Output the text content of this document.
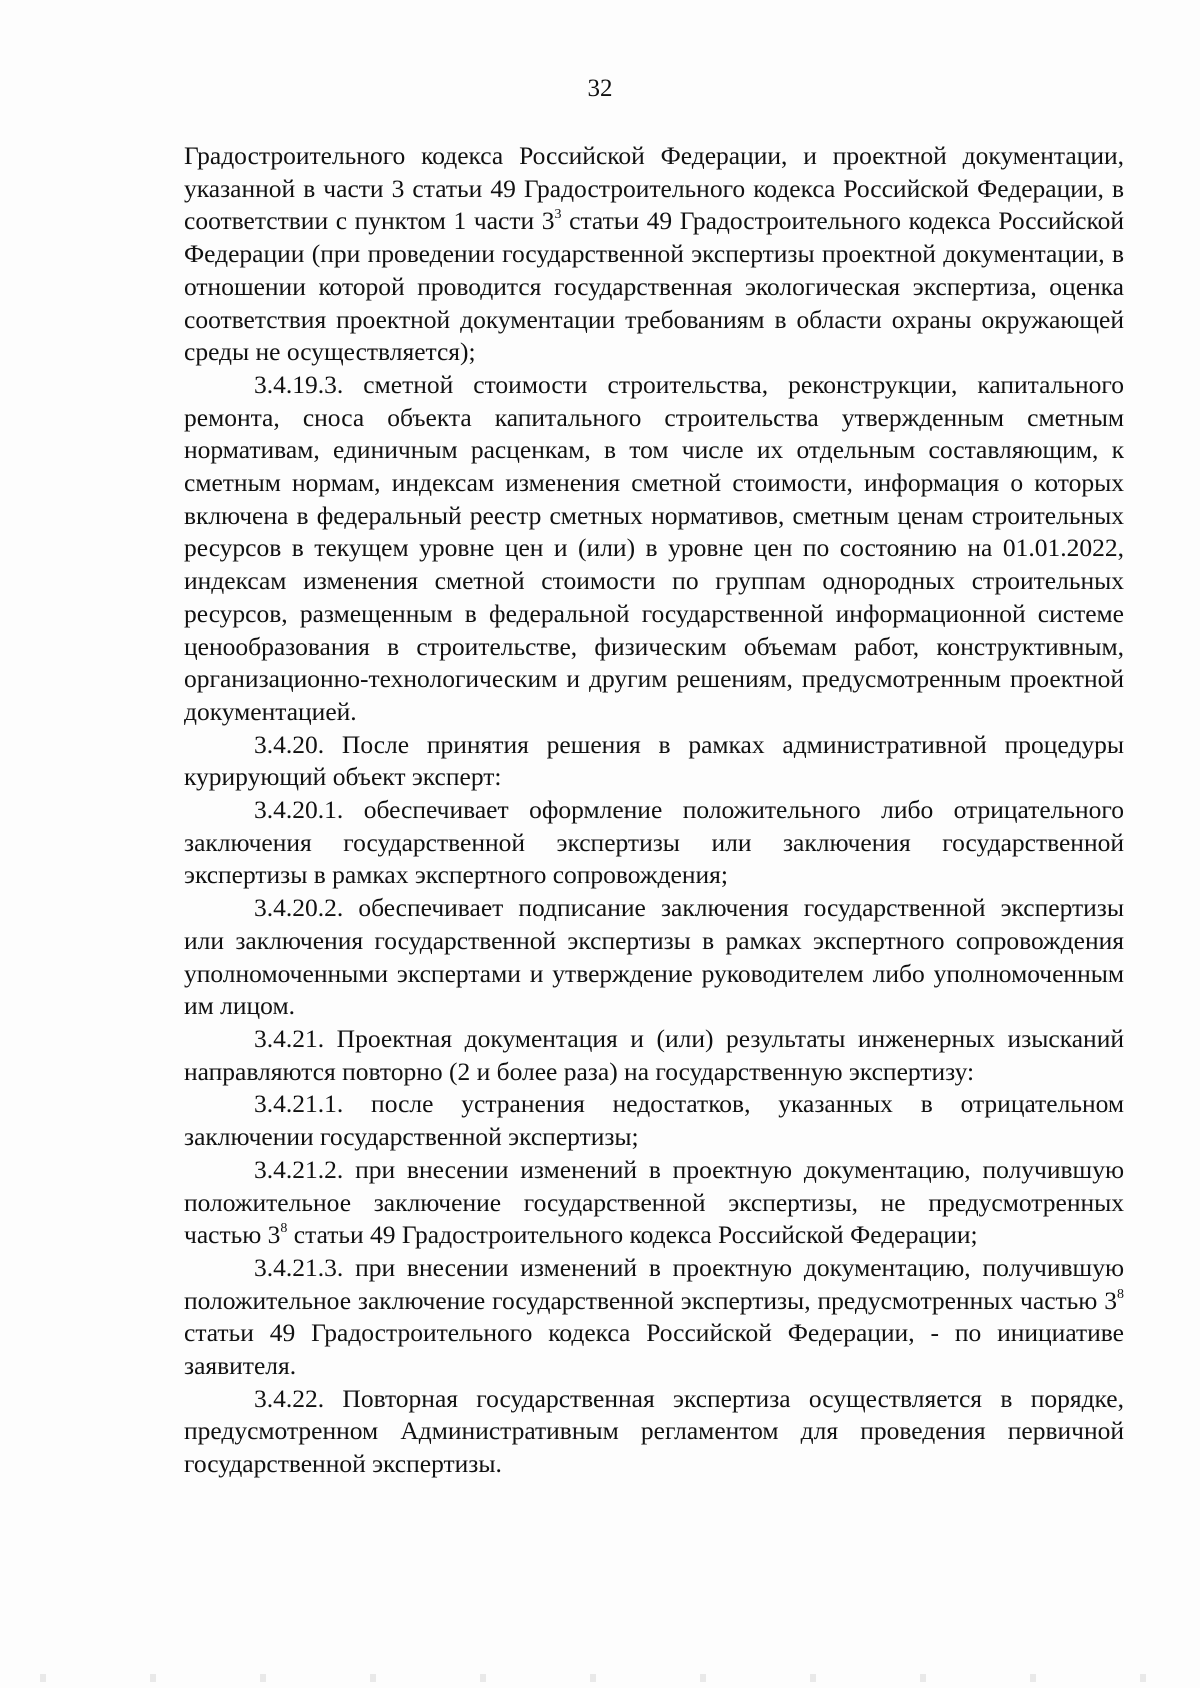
32

Градостроительного кодекса Российской Федерации, и проектной документации, указанной в части 3 статьи 49 Градостроительного кодекса Российской Федерации, в соответствии с пунктом 1 части $3^3$ статьи 49 Градостроительного кодекса Российской Федерации (при проведении государственной экспертизы проектной документации, в отношении которой проводится государственная экологическая экспертиза, оценка соответствия проектной документации требованиям в области охраны окружающей среды не осуществляется);

3.4.19.3. сметной стоимости строительства, реконструкции, капитального ремонта, сноса объекта капитального строительства утвержденным сметным нормативам, единичным расценкам, в том числе их отдельным составляющим, к сметным нормам, индексам изменения сметной стоимости, информация о которых включена в федеральный реестр сметных нормативов, сметным ценам строительных ресурсов в текущем уровне цен и (или) в уровне цен по состоянию на 01.01.2022, индексам изменения сметной стоимости по группам однородных строительных ресурсов, размещенным в федеральной государственной информационной системе ценообразования в строительстве, физическим объемам работ, конструктивным, организационно-технологическим и другим решениям, предусмотренным проектной документацией.

3.4.20. После принятия решения в рамках административной процедуры курирующий объект эксперт:

3.4.20.1. обеспечивает оформление положительного либо отрицательного заключения государственной экспертизы или заключения государственной экспертизы в рамках экспертного сопровождения;

3.4.20.2. обеспечивает подписание заключения государственной экспертизы или заключения государственной экспертизы в рамках экспертного сопровождения уполномоченными экспертами и утверждение руководителем либо уполномоченным им лицом.

3.4.21. Проектная документация и (или) результаты инженерных изысканий направляются повторно (2 и более раза) на государственную экспертизу:

3.4.21.1. после устранения недостатков, указанных в отрицательном заключении государственной экспертизы;

3.4.21.2. при внесении изменений в проектную документацию, получившую положительное заключение государственной экспертизы, не предусмотренных частью $3^8$ статьи 49 Градостроительного кодекса Российской Федерации;

3.4.21.3. при внесении изменений в проектную документацию, получившую положительное заключение государственной экспертизы, предусмотренных частью $3^8$ статьи 49 Градостроительного кодекса Российской Федерации, - по инициативе заявителя.

3.4.22. Повторная государственная экспертиза осуществляется в порядке, предусмотренном Административным регламентом для проведения первичной государственной экспертизы.
